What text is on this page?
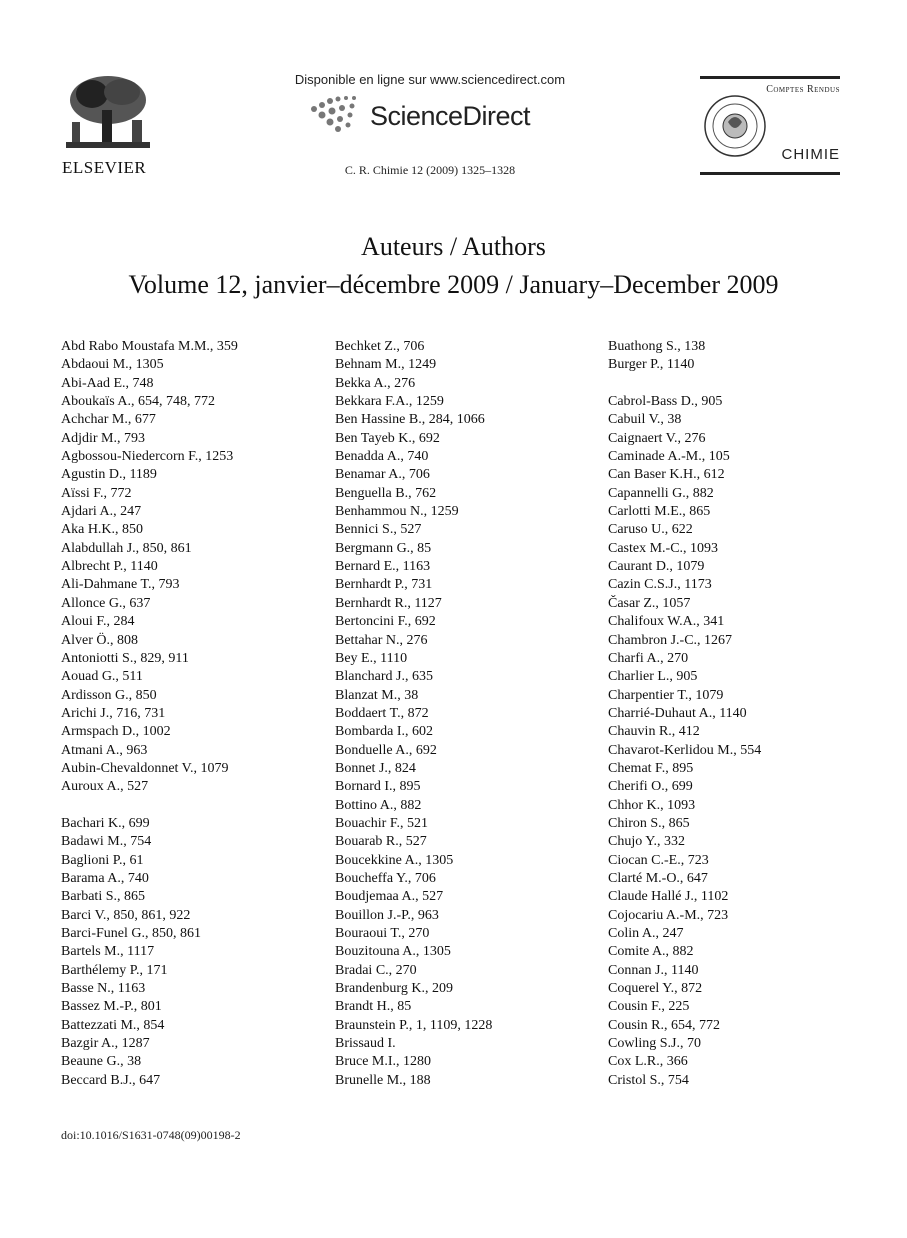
ELSEVIER
Disponible en ligne sur www.sciencedirect.com
ScienceDirect
C. R. Chimie 12 (2009) 1325–1328
Comptes Rendus
CHIMIE
Auteurs / Authors
Volume 12, janvier–décembre 2009 / January–December 2009
Abd Rabo Moustafa M.M., 359
Abdaoui M., 1305
Abi-Aad E., 748
Aboukaïs A., 654, 748, 772
Achchar M., 677
Adjdir M., 793
Agbossou-Niedercorn F., 1253
Agustin D., 1189
Aïssi F., 772
Ajdari A., 247
Aka H.K., 850
Alabdullah J., 850, 861
Albrecht P., 1140
Ali-Dahmane T., 793
Allonce G., 637
Aloui F., 284
Alver Ö., 808
Antoniotti S., 829, 911
Aouad G., 511
Ardisson G., 850
Arichi J., 716, 731
Armspach D., 1002
Atmani A., 963
Aubin-Chevaldonnet V., 1079
Auroux A., 527
Bachari K., 699
Badawi M., 754
Baglioni P., 61
Barama A., 740
Barbati S., 865
Barci V., 850, 861, 922
Barci-Funel G., 850, 861
Bartels M., 1117
Barthélemy P., 171
Basse N., 1163
Bassez M.-P., 801
Battezzati M., 854
Bazgir A., 1287
Beaune G., 38
Beccard B.J., 647
Bechket Z., 706
Behnam M., 1249
Bekka A., 276
Bekkara F.A., 1259
Ben Hassine B., 284, 1066
Ben Tayeb K., 692
Benadda A., 740
Benamar A., 706
Benguella B., 762
Benhammou N., 1259
Bennici S., 527
Bergmann G., 85
Bernard E., 1163
Bernhardt P., 731
Bernhardt R., 1127
Bertoncini F., 692
Bettahar N., 276
Bey E., 1110
Blanchard J., 635
Blanzat M., 38
Boddaert T., 872
Bombarda I., 602
Bonduelle A., 692
Bonnet J., 824
Bornard I., 895
Bottino A., 882
Bouachir F., 521
Bouarab R., 527
Boucekkine A., 1305
Boucheffa Y., 706
Boudjemaa A., 527
Bouillon J.-P., 963
Bouraoui T., 270
Bouzitouna A., 1305
Bradai C., 270
Brandenburg K., 209
Brandt H., 85
Braunstein P., 1, 1109, 1228
Brissaud I.
Bruce M.I., 1280
Brunelle M., 188
Buathong S., 138
Burger P., 1140
Cabrol-Bass D., 905
Cabuil V., 38
Caignaert V., 276
Caminade A.-M., 105
Can Baser K.H., 612
Capannelli G., 882
Carlotti M.E., 865
Caruso U., 622
Castex M.-C., 1093
Caurant D., 1079
Cazin C.S.J., 1173
Časar Z., 1057
Chalifoux W.A., 341
Chambron J.-C., 1267
Charfi A., 270
Charlier L., 905
Charpentier T., 1079
Charrié-Duhaut A., 1140
Chauvin R., 412
Chavarot-Kerlidou M., 554
Chemat F., 895
Cherifi O., 699
Chhor K., 1093
Chiron S., 865
Chujo Y., 332
Ciocan C.-E., 723
Clarté M.-O., 647
Claude Hallé J., 1102
Cojocariu A.-M., 723
Colin A., 247
Comite A., 882
Connan J., 1140
Coquerel Y., 872
Cousin F., 225
Cousin R., 654, 772
Cowling S.J., 70
Cox L.R., 366
Cristol S., 754
doi:10.1016/S1631-0748(09)00198-2
